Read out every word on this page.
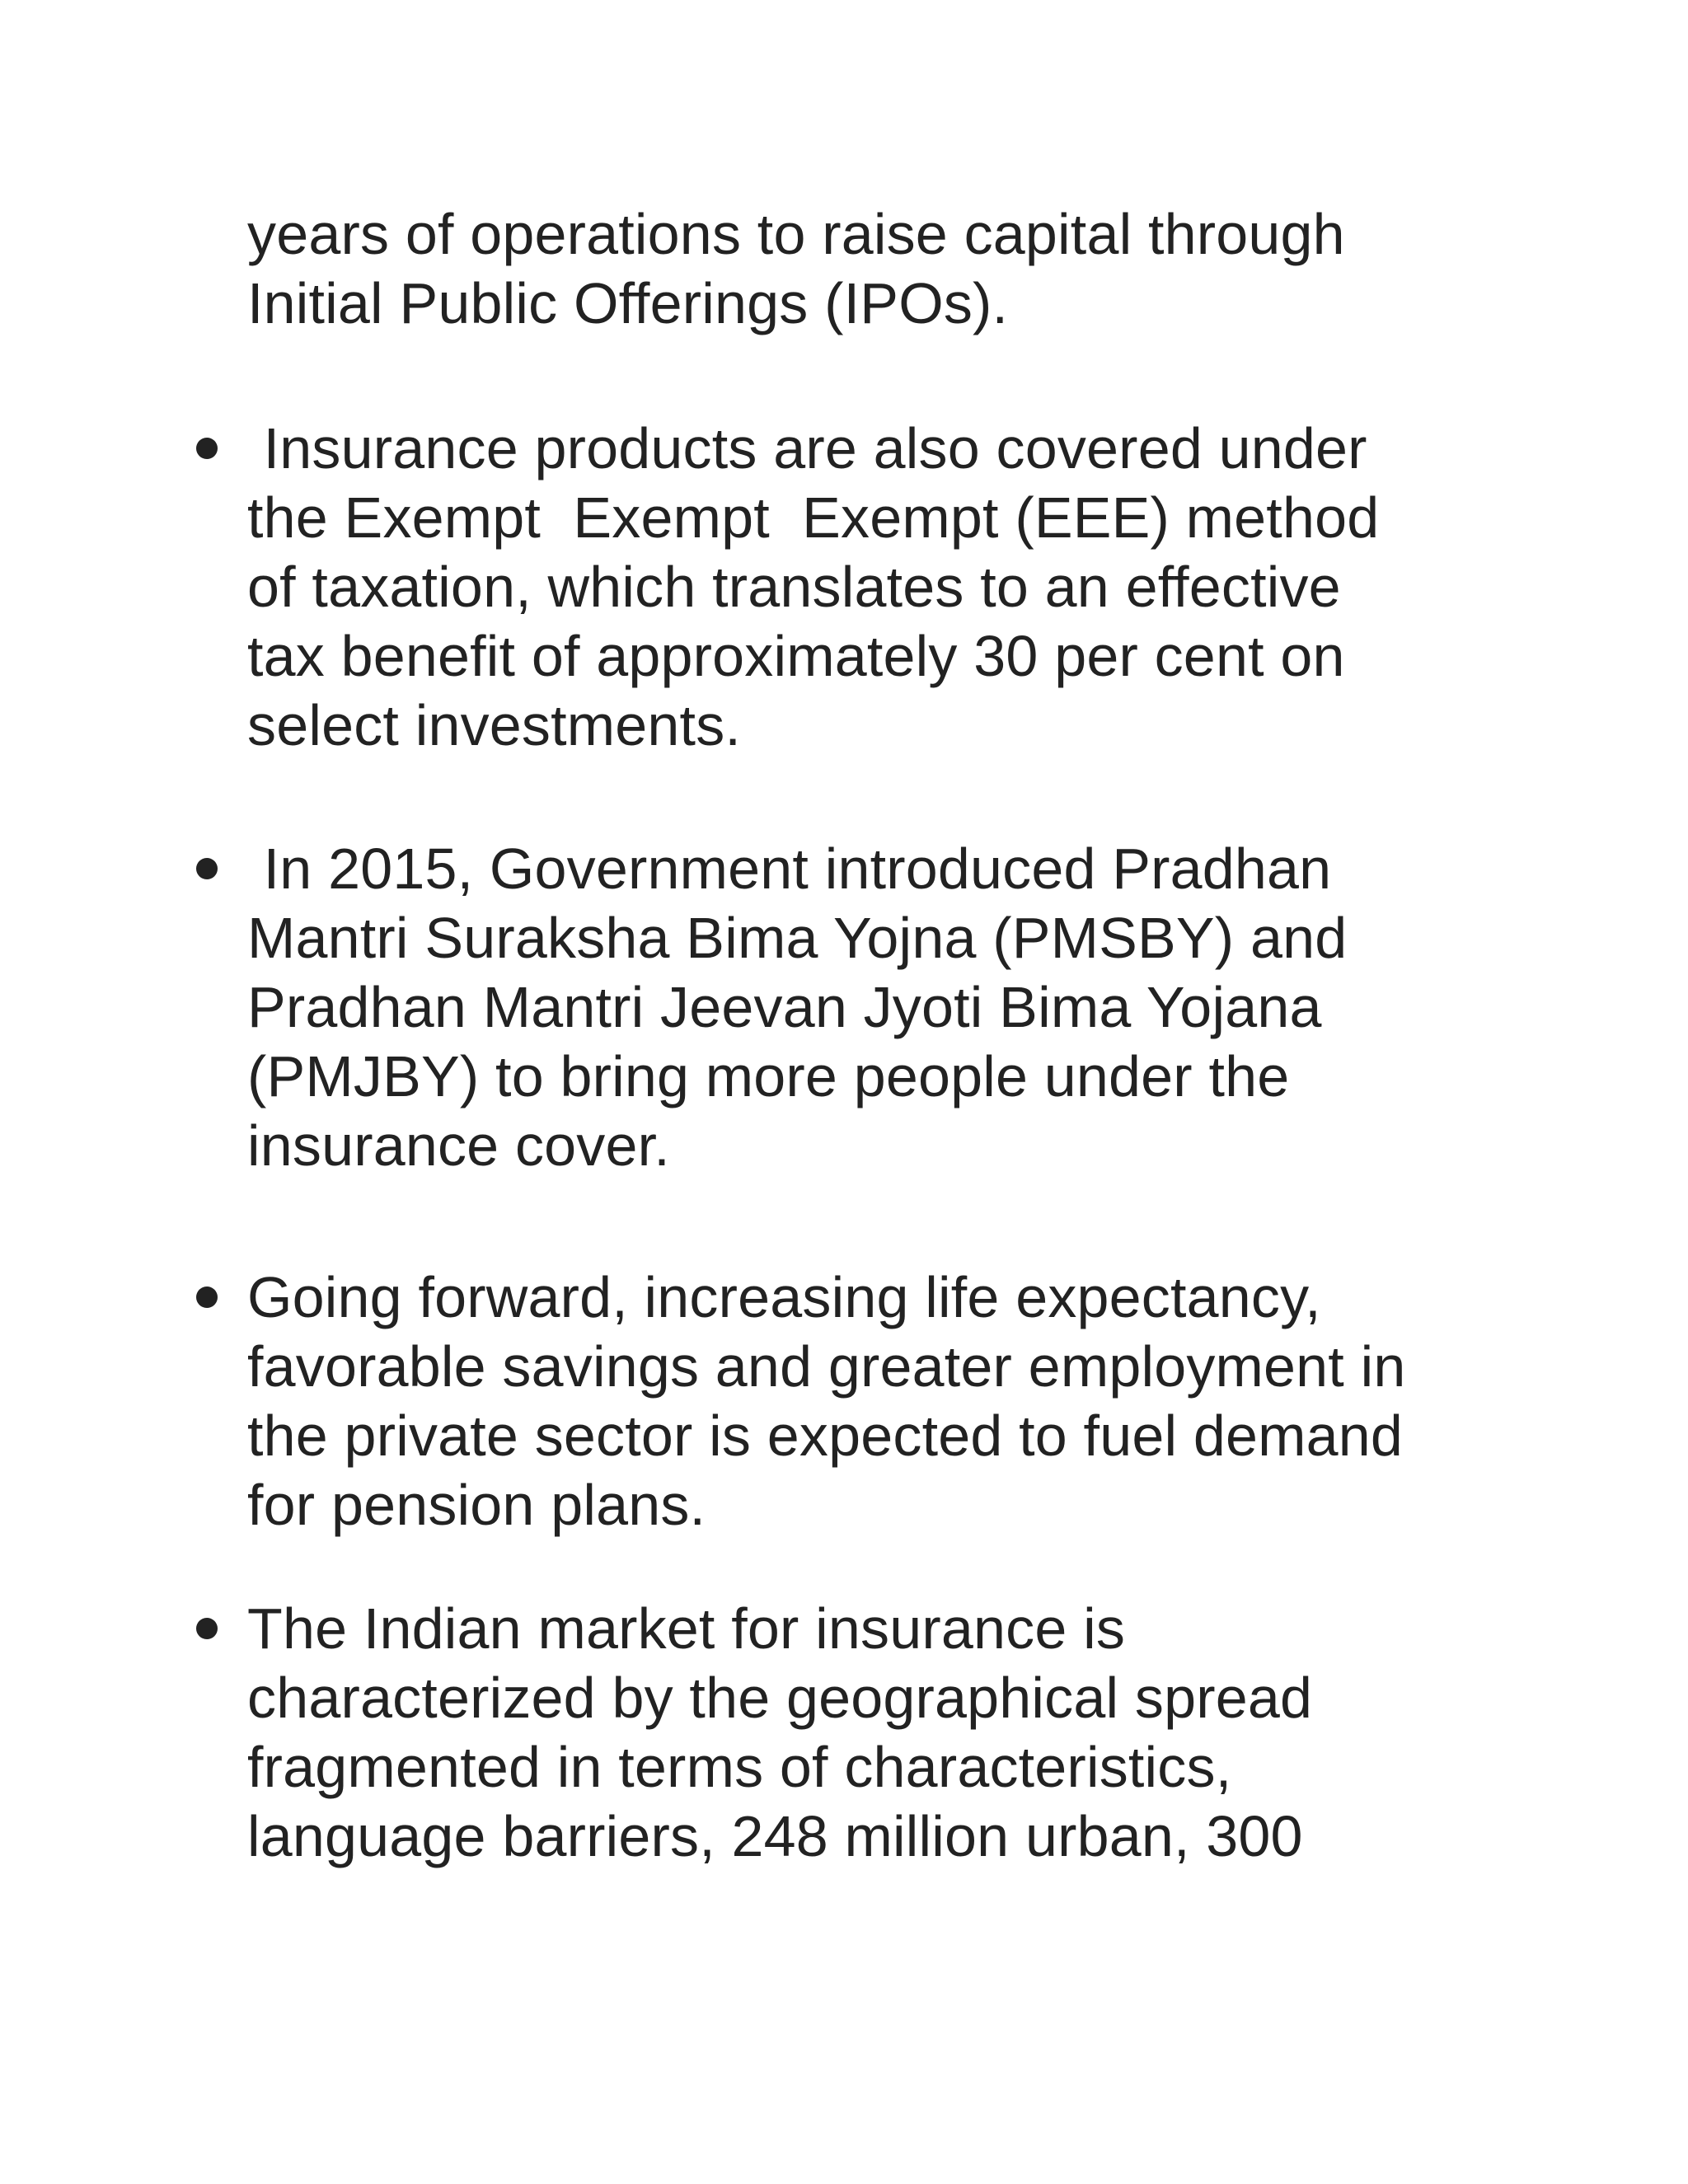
years of operations to raise capital through
Initial Public Offerings (IPOs).
Insurance products are also covered under
the Exempt  Exempt  Exempt (EEE) method
of taxation, which translates to an effective
tax benefit of approximately 30 per cent on
select investments.
In 2015, Government introduced Pradhan
Mantri Suraksha Bima Yojna (PMSBY) and
Pradhan Mantri Jeevan Jyoti Bima Yojana
(PMJBY) to bring more people under the
insurance cover.
Going forward, increasing life expectancy,
favorable savings and greater employment in
the private sector is expected to fuel demand
for pension plans.
The Indian market for insurance is
characterized by the geographical spread
fragmented in terms of characteristics,
language barriers, 248 million urban, 300
